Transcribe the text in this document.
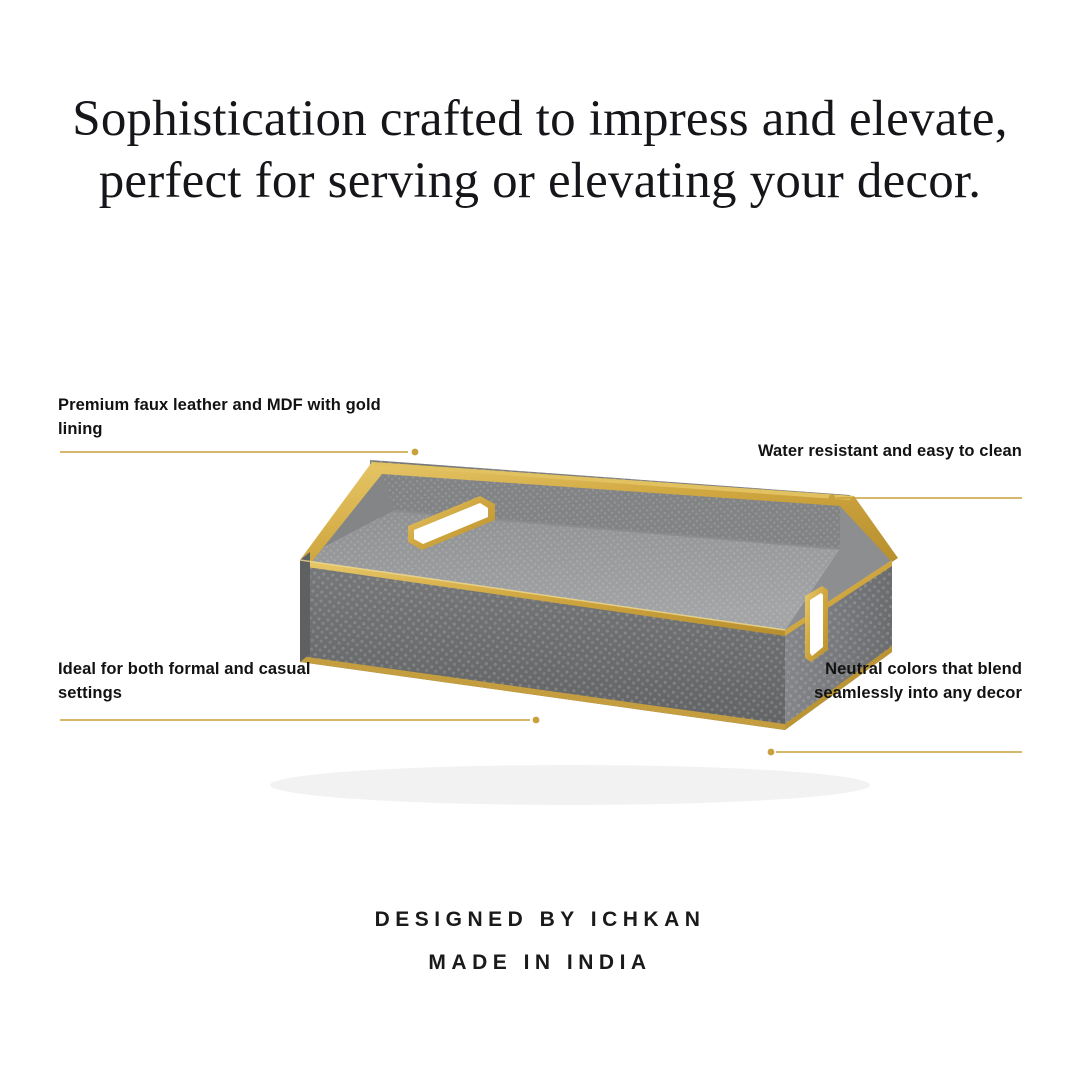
Sophistication crafted to impress and elevate, perfect for serving or elevating your decor.
Premium faux leather and MDF with gold lining
Water resistant and easy to clean
Ideal for both formal and casual settings
Neutral colors that blend seamlessly into any decor
DESIGNED BY ICHKAN
MADE IN INDIA
